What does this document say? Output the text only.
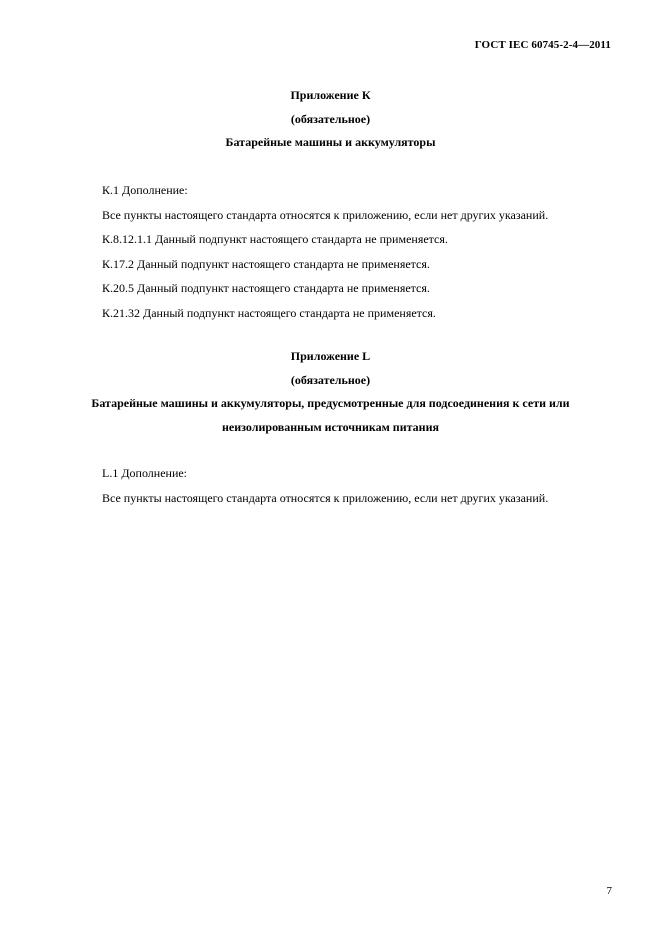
ГОСТ IEC 60745-2-4—2011

Приложение К

(обязательное)

Батарейные машины и аккумуляторы

К.1 Дополнение:

Все пункты настоящего стандарта относятся к приложению, если нет других указаний.

К.8.12.1.1 Данный подпункт настоящего стандарта не применяется.

К.17.2 Данный подпункт настоящего стандарта не применяется.

К.20.5 Данный подпункт настоящего стандарта не применяется.

К.21.32 Данный подпункт настоящего стандарта не применяется.

Приложение L

(обязательное)

Батарейные машины и аккумуляторы, предусмотренные для подсоединения к сети или

неизолированным источникам питания

L.1 Дополнение:

Все пункты настоящего стандарта относятся к приложению, если нет других указаний.

7
